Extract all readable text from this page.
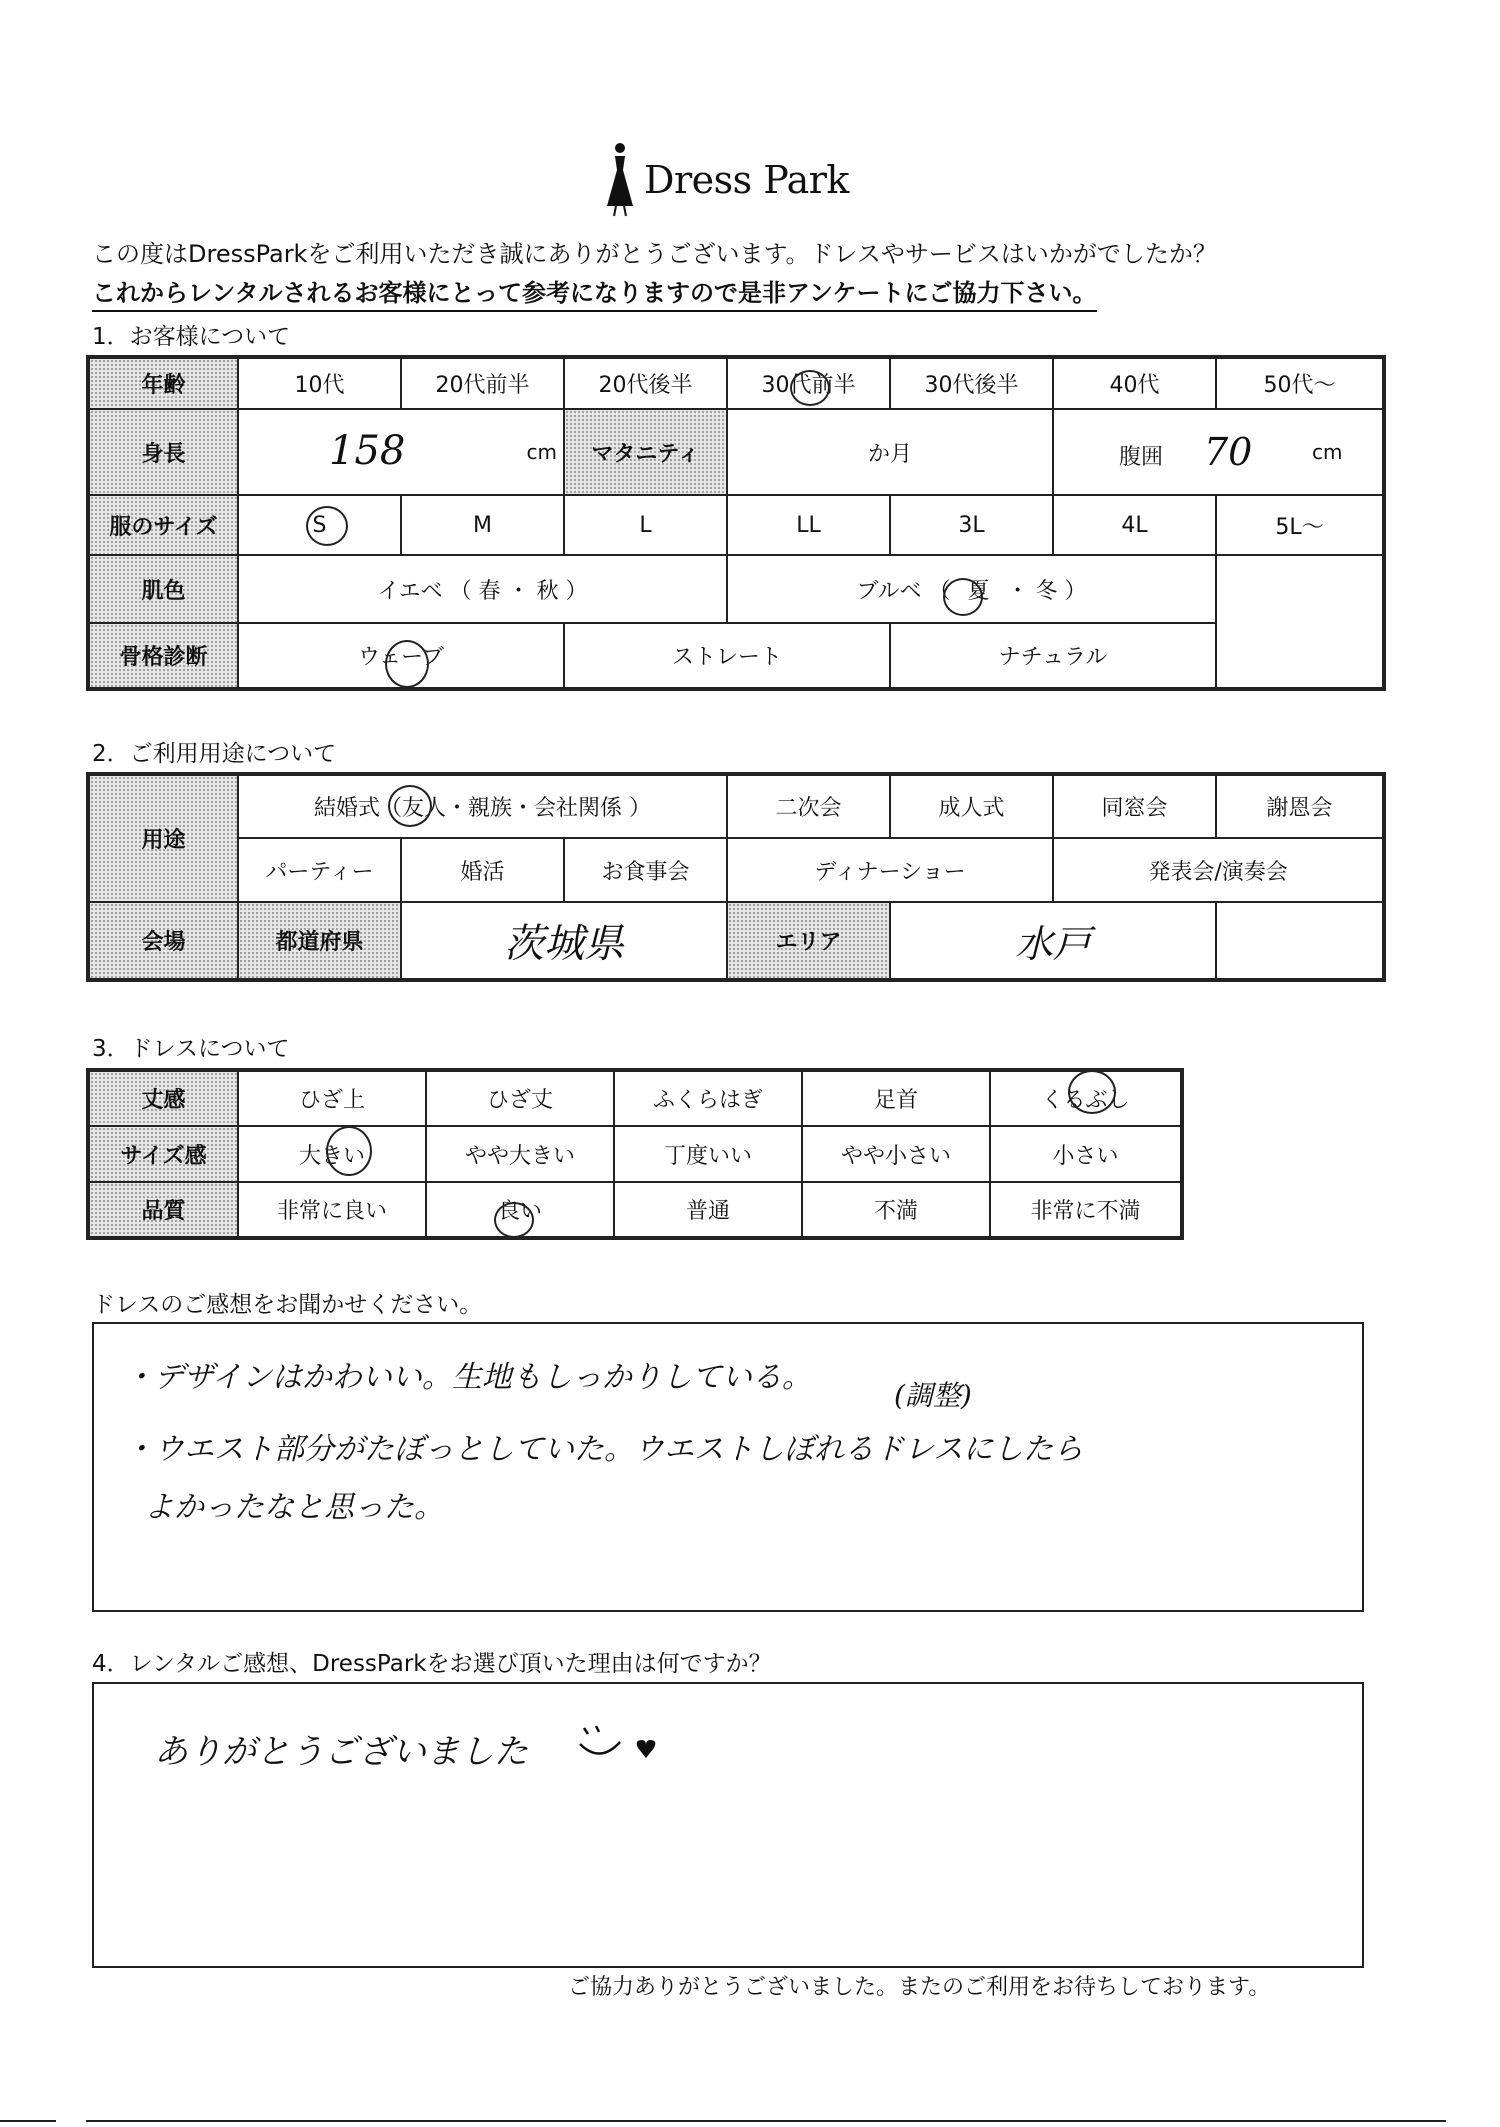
Dress Park
この度はDressParkをご利用いただき誠にありがとうございます。ドレスやサービスはいかがでしたか？
これからレンタルされるお客様にとって参考になりますので是非アンケートにご協力下さい。
1．お客様について
年齢	10代	20代前半	20代後半	30代前半	30代後半	40代	50代～
身長	158 cm		マタニティ	か月		腹囲 70 cm	

服のサイズ	S	M	L	LL	3L	4L	5L～
肌色	イエベ （ 春 ・ 秋 ）			ブルベ （ 夏 ・ 冬 ）			
骨格診断	ウェーブ		ストレート		ナチュラル		
2．ご利用用途について
用途	結婚式（友人・親族・会社関係 ）			二次会	成人式	同窓会	謝恩会
	パーティー	婚活	お食事会	ディナーショー		発表会/演奏会	
会場	都道府県	茨城県		エリア	水戸		
3．ドレスについて
丈感	ひざ上	ひざ丈	ふくらはぎ	足首	くるぶし
サイズ感	大きい	やや大きい	丁度いい	やや小さい	小さい
品質	非常に良い	良い	普通	不満	非常に不満
ドレスのご感想をお聞かせください。
・デザインはかわいい。生地もしっかりしている。
(調整)
・ウエスト部分がたぼっとしていた。ウエストしぼれるドレスにしたら
よかったなと思った。
4．レンタルご感想、DressParkをお選び頂いた理由は何ですか？
ありがとうございました
ご協力ありがとうございました。またのご利用をお待ちしております。
